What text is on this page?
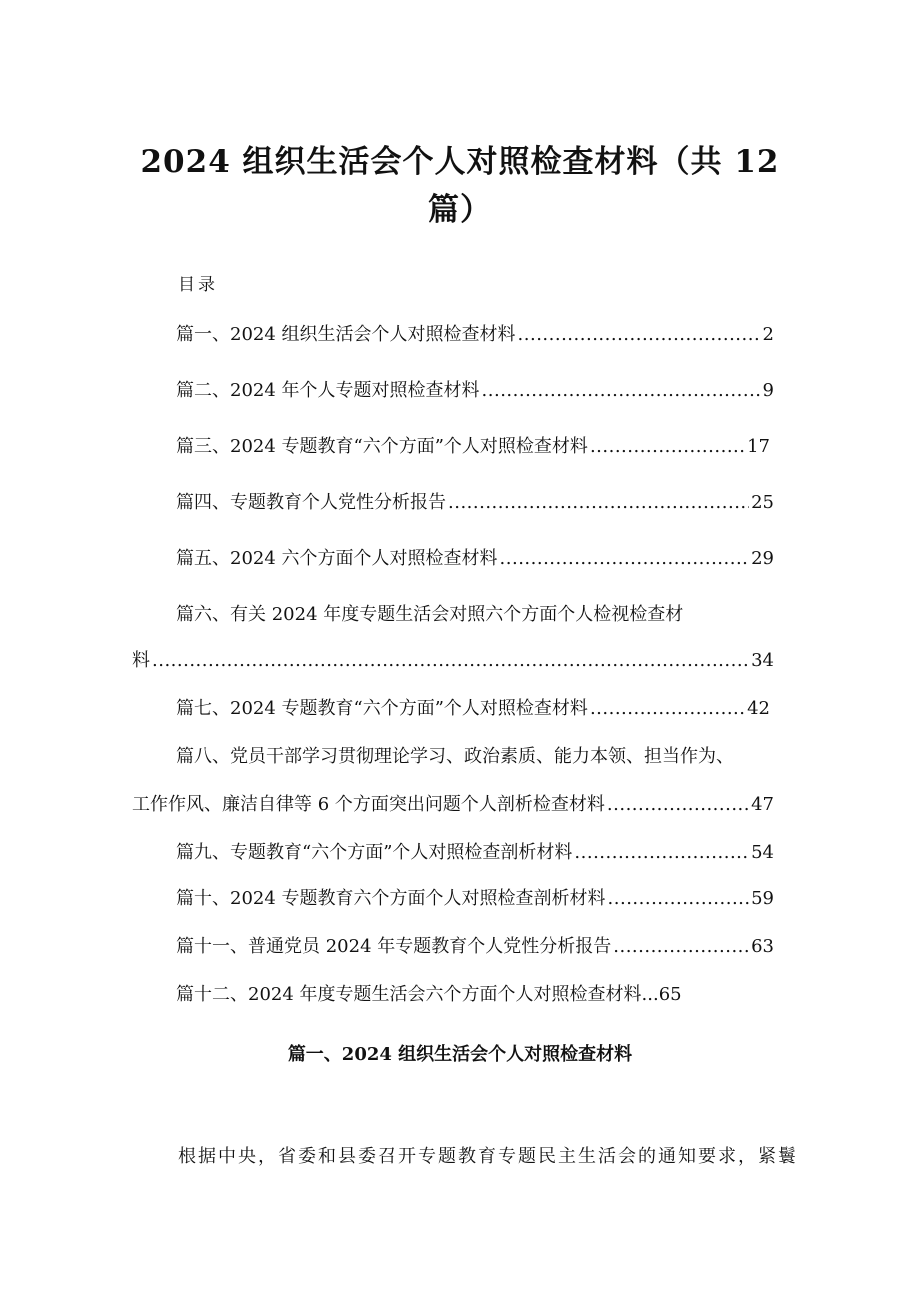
2024 组织生活会个人对照检查材料（共 12
篇）
目录
篇一、2024 组织生活会个人对照检查材料 .....	2
篇二、2024 年个人专题对照检查材料 .....	9
篇三、2024 专题教育“六个方面”个人对照检查材料 .....	17
篇四、专题教育个人党性分析报告 .....	25
篇五、2024 六个方面个人对照检查材料 .....	29
篇六、有关 2024 年度专题生活会对照六个方面个人检视检查材
料 .....	34
篇七、2024 专题教育“六个方面”个人对照检查材料 .....	42
篇八、党员干部学习贯彻理论学习、政治素质、能力本领、担当作为、
工作作风、廉洁自律等 6 个方面突出问题个人剖析检查材料 .....	47
篇九、专题教育“六个方面”个人对照检查剖析材料 .....	54
篇十、2024 专题教育六个方面个人对照检查剖析材料 .....	59
篇十一、普通党员 2024 年专题教育个人党性分析报告 .....	63
篇十二、2024 年度专题生活会六个方面个人对照检查材料...65
篇一、2024 组织生活会个人对照检查材料
根据中央，省委和县委召开专题教育专题民主生活会的通知要求，紧鬟
